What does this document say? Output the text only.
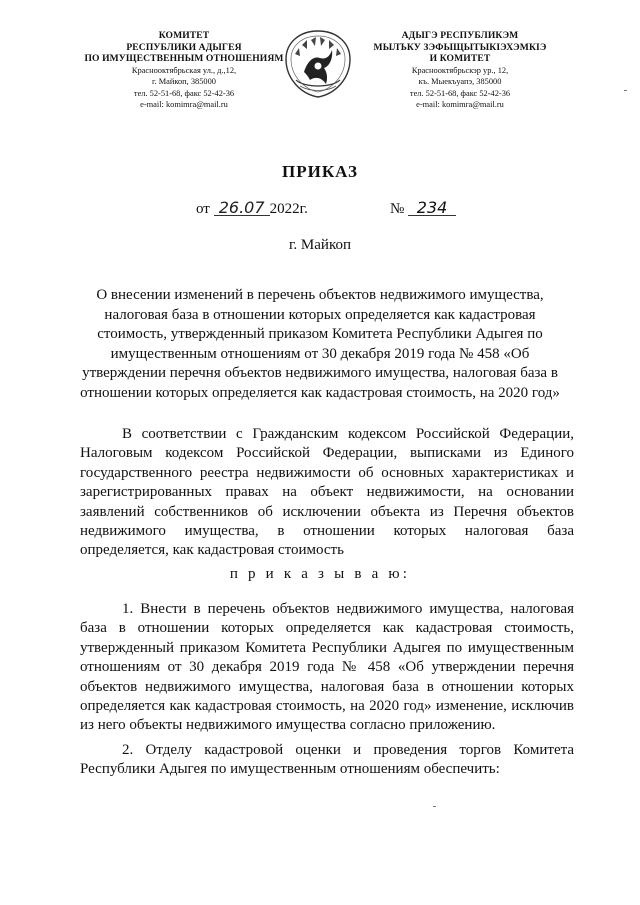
КОМИТЕТ
РЕСПУБЛИКИ АДЫГЕЯ
ПО ИМУЩЕСТВЕННЫМ ОТНОШЕНИЯМ
Краснооктябрьская ул., д.,12,
г. Майкоп, 385000
тел. 52-51-68, факс 52-42-36
e-mail: komimra@mail.ru
АДЫГЭ РЕСПУБЛИКЭМ
МЫЛЪКУ ЗЭФЫЩЫТЫКІЭХЭМКІЭ
И КОМИТЕТ
Краснооктябрьскэр ур., 12,
къ. Мыекъуапэ, 385000
тел. 52-51-68, факс 52-42-36
e-mail: komimra@mail.ru
ПРИКАЗ
от 26.07 2022г.	№ 234
г. Майкоп
О внесении изменений в перечень объектов недвижимого имущества, налоговая база в отношении которых определяется как кадастровая стоимость, утвержденный приказом Комитета Республики Адыгея по имущественным отношениям от 30 декабря 2019 года № 458 «Об утверждении перечня объектов недвижимого имущества, налоговая база в отношении которых определяется как кадастровая стоимость, на 2020 год»
В соответствии с Гражданским кодексом Российской Федерации, Налоговым кодексом Российской Федерации, выписками из Единого государственного реестра недвижимости об основных характеристиках и зарегистрированных правах на объект недвижимости, на основании заявлений собственников об исключении объекта из Перечня объектов недвижимого имущества, в отношении которых налоговая база определяется, как кадастровая стоимость
п р и к а з ы в а ю:
1. Внести в перечень объектов недвижимого имущества, налоговая база в отношении которых определяется как кадастровая стоимость, утвержденный приказом Комитета Республики Адыгея по имущественным отношениям от 30 декабря 2019 года № 458 «Об утверждении перечня объектов недвижимого имущества, налоговая база в отношении которых определяется как кадастровая стоимость, на 2020 год» изменение, исключив из него объекты недвижимого имущества согласно приложению.
2. Отделу кадастровой оценки и проведения торгов Комитета Республики Адыгея по имущественным отношениям обеспечить:
